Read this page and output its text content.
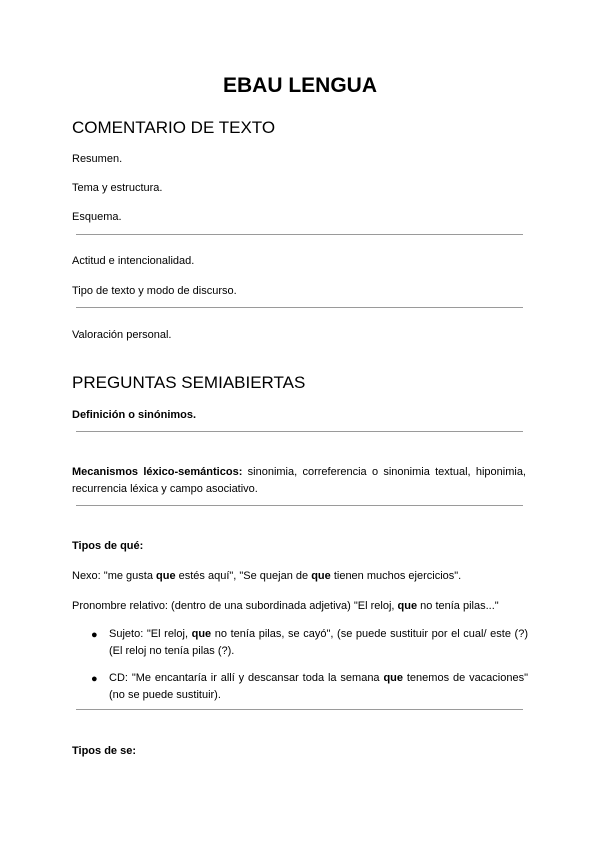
EBAU LENGUA
COMENTARIO DE TEXTO
Resumen.
Tema y estructura.
Esquema.
Actitud e intencionalidad.
Tipo de texto y modo de discurso.
Valoración personal.
PREGUNTAS SEMIABIERTAS
Definición o sinónimos.
Mecanismos léxico-semánticos: sinonimia, correferencia o sinonimia textual, hiponimia, recurrencia léxica y campo asociativo.
Tipos de qué:
Nexo: "me gusta que estés aquí", "Se quejan de que tienen muchos ejercicios".
Pronombre relativo: (dentro de una subordinada adjetiva) "El reloj, que no tenía pilas..."
● Sujeto: "El reloj, que no tenía pilas, se cayó", (se puede sustituir por el cual/ este (?) (El reloj no tenía pilas (?).
● CD: "Me encantaría ir allí y descansar toda la semana que tenemos de vacaciones" (no se puede sustituir).
Tipos de se:
